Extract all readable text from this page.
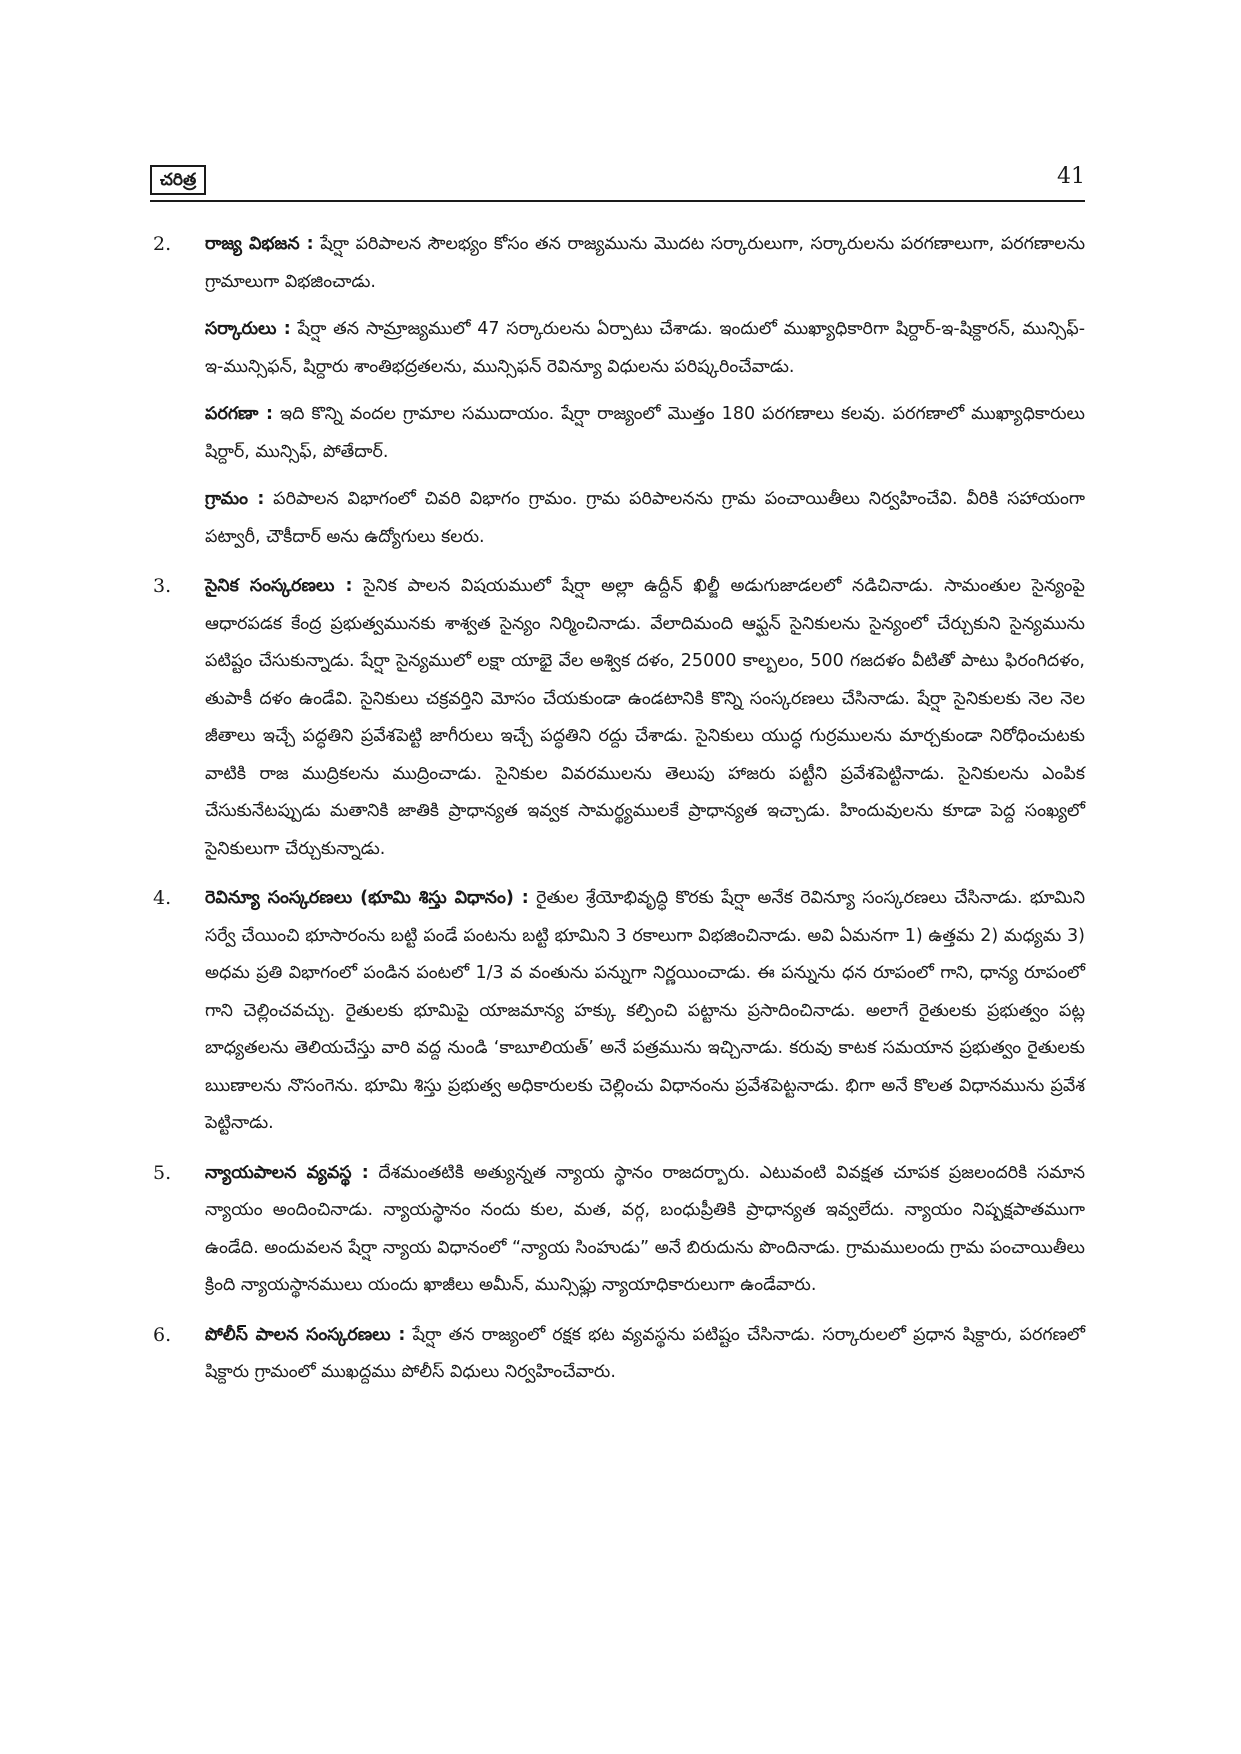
చరిత్ర	41
2. రాజ్య విభజన : షేర్షా పరిపాలన సౌలభ్యం కోసం తన రాజ్యమును మొదట సర్కారులుగా, సర్కారులను పరగణాలుగా, పరగణాలను గ్రామాలుగా విభజించాడు.

సర్కారులు : షేర్షా తన సామ్రాజ్యములో 47 సర్కారులను ఏర్పాటు చేశాడు. ఇందులో ముఖ్యాధికారిగా షిర్దార్-ఇ-షిక్దారన్, మున్సిఫ్-ఇ-మున్సిఫన్, షిర్దారు శాంతిభద్రతలను, మున్సిఫన్ రెవిన్యూ విధులను పరిష్కరించేవాడు.

పరగణా : ఇది కొన్ని వందల గ్రామాల సముదాయం. షేర్షా రాజ్యంలో మొత్తం 180 పరగణాలు కలవు. పరగణాలో ముఖ్యాధికారులు షిర్దార్, మున్సిఫ్, పోతేదార్.

గ్రామం : పరిపాలన విభాగంలో చివరి విభాగం గ్రామం. గ్రామ పరిపాలనను గ్రామ పంచాయితీలు నిర్వహించేవి. వీరికి సహాయంగా పట్వారీ, చౌకీదార్ అను ఉద్యోగులు కలరు.

3. సైనిక సంస్కరణలు : సైనిక పాలన విషయములో షేర్షా అల్లా ఉద్దీన్ ఖిల్జీ అడుగుజాడలలో నడిచినాడు. సామంతుల సైన్యంపై ఆధారపడక కేంద్ర ప్రభుత్వమునకు శాశ్వత సైన్యం నిర్మించినాడు. వేలాదిమంది ఆఫ్ఘన్ సైనికులను సైన్యంలో చేర్చుకుని సైన్యమును పటిష్టం చేసుకున్నాడు. షేర్షా సైన్యములో లక్షా యాభై వేల అశ్విక దళం, 25000 కాల్బలం, 500 గజదళం వీటితో పాటు ఫిరంగిదళం, తుపాకీ దళం ఉండేవి. సైనికులు చక్రవర్తిని మోసం చేయకుండా ఉండటానికి కొన్ని సంస్కరణలు చేసినాడు. షేర్షా సైనికులకు నెల నెల జీతాలు ఇచ్చే పద్ధతిని ప్రవేశపెట్టి జాగీరులు ఇచ్చే పద్ధతిని రద్దు చేశాడు. సైనికులు యుద్ధ గుర్రములను మార్చకుండా నిరోధించుటకు వాటికి రాజ ముద్రికలను ముద్రించాడు. సైనికుల వివరములను తెలుపు హాజరు పట్టీని ప్రవేశపెట్టినాడు. సైనికులను ఎంపిక చేసుకునేటప్పుడు మతానికి జాతికి ప్రాధాన్యత ఇవ్వక సామర్థ్యములకే ప్రాధాన్యత ఇచ్చాడు. హిందువులను కూడా పెద్ద సంఖ్యలో సైనికులుగా చేర్చుకున్నాడు.

4. రెవిన్యూ సంస్కరణలు (భూమి శిస్తు విధానం) : రైతుల శ్రేయోభివృద్ధి కొరకు షేర్షా అనేక రెవిన్యూ సంస్కరణలు చేసినాడు. భూమిని సర్వే చేయించి భూసారంను బట్టి పండే పంటను బట్టి భూమిని 3 రకాలుగా విభజించినాడు. అవి ఏమనగా 1) ఉత్తమ 2) మధ్యమ 3) అధమ ప్రతి విభాగంలో పండిన పంటలో 1/3 వ వంతును పన్నుగా నిర్ణయించాడు. ఈ పన్నును ధన రూపంలో గాని, ధాన్య రూపంలో గాని చెల్లించవచ్చు. రైతులకు భూమిపై యాజమాన్య హక్కు కల్పించి పట్టాను ప్రసాదించినాడు. అలాగే రైతులకు ప్రభుత్వం పట్ల బాధ్యతలను తెలియచేస్తు వారి వద్ద నుండి ‘కాబూలియత్’ అనే పత్రమును ఇచ్చినాడు. కరువు కాటక సమయాన ప్రభుత్వం రైతులకు ఋణాలను నొసంగెను. భూమి శిస్తు ప్రభుత్వ అధికారులకు చెల్లించు విధానంను ప్రవేశపెట్టనాడు. భిగా అనే కొలత విధానమును ప్రవేశ పెట్టినాడు.

5. న్యాయపాలన వ్యవస్థ : దేశమంతటికి అత్యున్నత న్యాయ స్థానం రాజదర్బారు. ఎటువంటి వివక్షత చూపక ప్రజలందరికి సమాన న్యాయం అందించినాడు. న్యాయస్థానం నందు కుల, మత, వర్గ, బంధుప్రీతికి ప్రాధాన్యత ఇవ్వలేదు. న్యాయం నిష్పక్షపాతముగా ఉండేది. అందువలన షేర్షా న్యాయ విధానంలో “న్యాయ సింహుడు” అనే బిరుదును పొందినాడు. గ్రామములందు గ్రామ పంచాయితీలు క్రింది న్యాయస్థానములు యందు ఖాజీలు అమీన్, మున్సిఫ్లు న్యాయాధికారులుగా ఉండేవారు.

6. పోలీస్ పాలన సంస్కరణలు : షేర్షా తన రాజ్యంలో రక్షక భట వ్యవస్థను పటిష్టం చేసినాడు. సర్కారులలో ప్రధాన షిక్దారు, పరగణలో షిక్దారు గ్రామంలో ముఖద్దము పోలీస్ విధులు నిర్వహించేవారు.
